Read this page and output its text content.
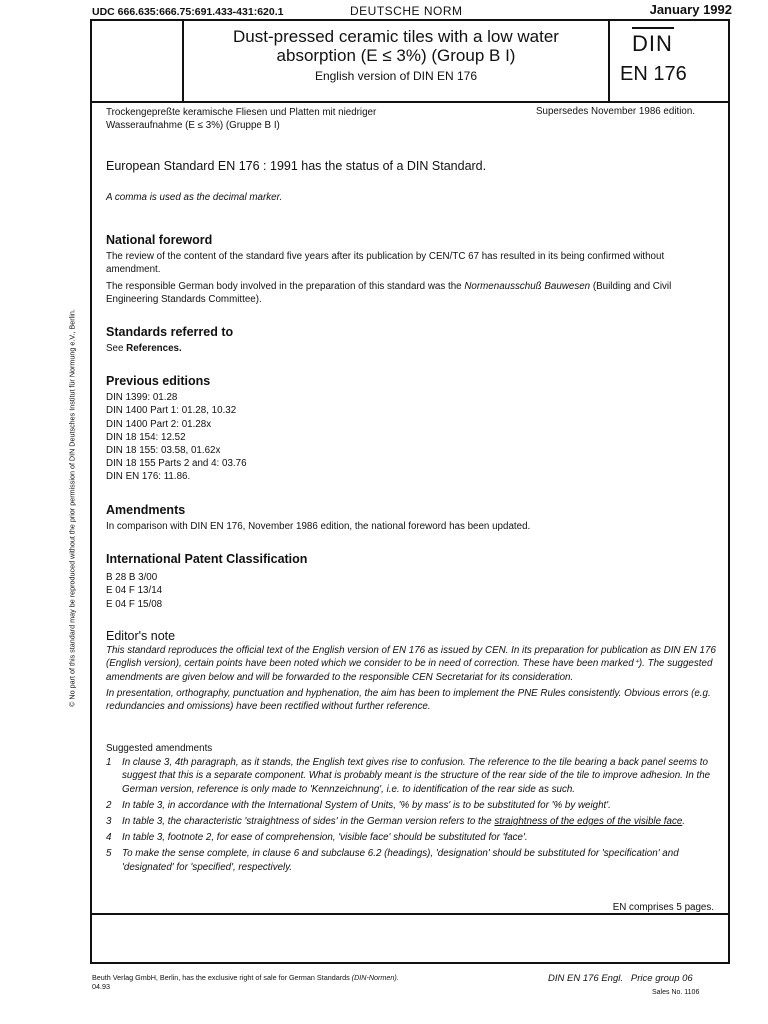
UDC 666.635:666.75:691.433-431:620.1	DEUTSCHE NORM	January 1992
Dust-pressed ceramic tiles with a low water
absorption (E ≤ 3%) (Group B I)
English version of DIN EN 176
DIN
EN 176
© No part of this standard may be reproduced without the prior permission of DIN Deutsches Institut für Normung e.V., Berlin.
Trockengepreßte keramische Fliesen und Platten mit niedriger
Wasseraufnahme (E ≤ 3%) (Gruppe B I)
Supersedes November 1986 edition.
European Standard EN 176 : 1991 has the status of a DIN Standard.
A comma is used as the decimal marker.
National foreword
The review of the content of the standard five years after its publication by CEN/TC 67 has resulted in its being confirmed without amendment.
The responsible German body involved in the preparation of this standard was the Normenausschuß Bauwesen (Building and Civil Engineering Standards Committee).
Standards referred to
See References.
Previous editions
DIN 1399: 01.28
DIN 1400 Part 1: 01.28, 10.32
DIN 1400 Part 2: 01.28x
DIN 18 154: 12.52
DIN 18 155: 03.58, 01.62x
DIN 18 155 Parts 2 and 4: 03.76
DIN EN 176: 11.86.
Amendments
In comparison with DIN EN 176, November 1986 edition, the national foreword has been updated.
International Patent Classification
B 28 B 3/00
E 04 F 13/14
E 04 F 15/08
Editor's note
This standard reproduces the official text of the English version of EN 176 as issued by CEN. In its preparation for publication as DIN EN 176 (English version), certain points have been noted which we consider to be in need of correction. These have been marked⁺). The suggested amendments are given below and will be forwarded to the responsible CEN Secretariat for its consideration.
In presentation, orthography, punctuation and hyphenation, the aim has been to implement the PNE Rules consistently. Obvious errors (e.g. redundancies and omissions) have been rectified without further reference.
Suggested amendments
1 In clause 3, 4th paragraph, as it stands, the English text gives rise to confusion. The reference to the tile bearing a back panel seems to suggest that this is a separate component. What is probably meant is the structure of the rear side of the tile to improve adhesion. In the German version, reference is only made to 'Kennzeichnung', i.e. to identification of the rear side as such.
2 In table 3, in accordance with the International System of Units, '% by mass' is to be substituted for '% by weight'.
3 In table 3, the characteristic 'straightness of sides' in the German version refers to the straightness of the edges of the visible face.
4 In table 3, footnote 2, for ease of comprehension, 'visible face' should be substituted for 'face'.
5 To make the sense complete, in clause 6 and subclause 6.2 (headings), 'designation' should be substituted for 'specification' and 'designated' for 'specified', respectively.
EN comprises 5 pages.
Beuth Verlag GmbH, Berlin, has the exclusive right of sale for German Standards (DIN-Normen).
04.93
DIN EN 176 Engl. Price group 06
Sales No. 1106
